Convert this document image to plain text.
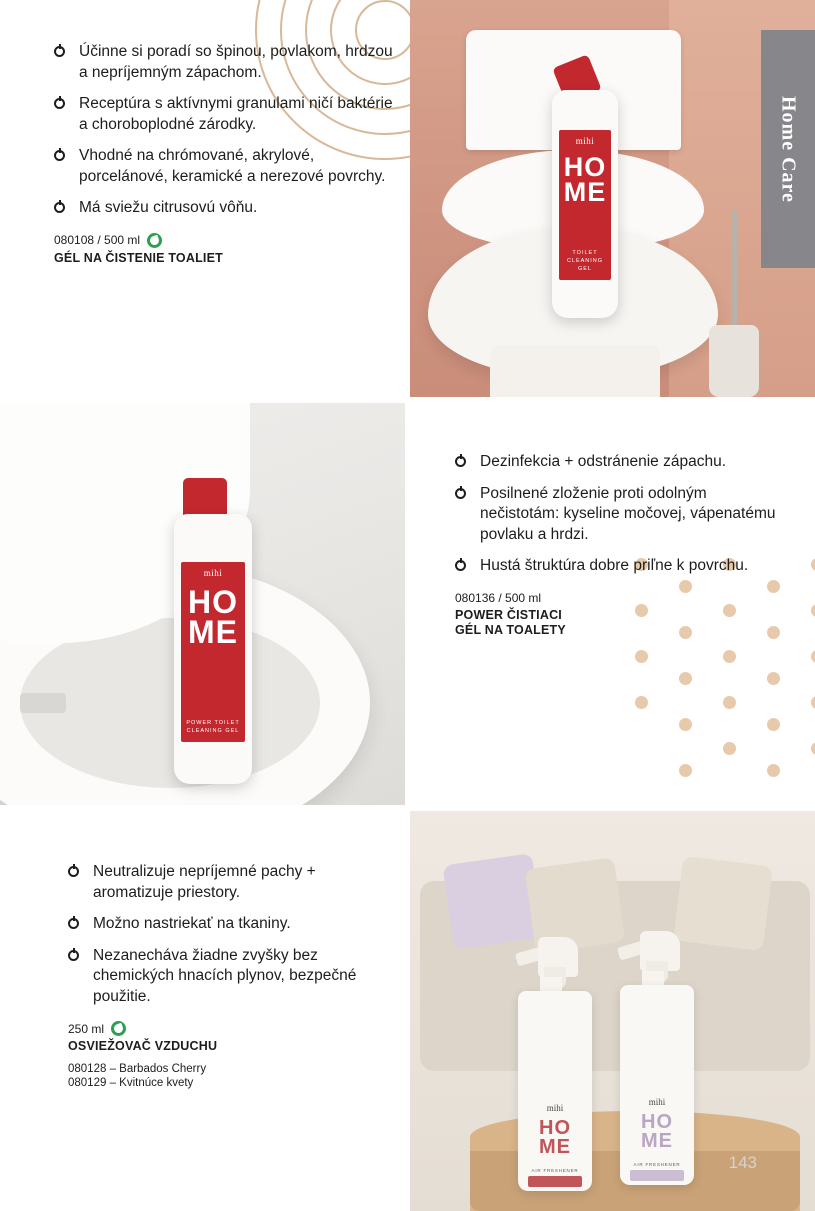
mihi
HO
ME
TOILET
CLEANING GEL
Home Care
mihi
HO
ME
POWER TOILET
CLEANING GEL
mihi
HO
ME
AIR FRESHENER
mihi
HO
ME
AIR FRESHENER	143
Účinne si poradí so špinou, povlakom, hrdzou a nepríjemným zápachom.
Receptúra s aktívnymi granulami ničí baktérie a choroboplodné zárodky.
Vhodné na chrómované, akrylové, porcelánové, keramické a nerezové povrchy.
Má sviežu citrusovú vôňu.
080108 / 500 ml
GÉL NA ČISTENIE TOALIET
Dezinfekcia + odstránenie zápachu.
Posilnené zloženie proti odolným nečistotám: kyseline močovej, vápenatému povlaku a hrdzi.
Hustá štruktúra dobre priľne k povrchu.
080136 / 500 ml
POWER ČISTIACI
GÉL NA TOALETY
Neutralizuje nepríjemné pachy + aromatizuje priestory.
Možno nastriekať na tkaniny.
Nezanecháva žiadne zvyšky bez chemických hnacích plynov, bezpečné použitie.
250 ml
OSVIEŽOVAČ VZDUCHU
080128 – Barbados Cherry
080129 – Kvitnúce kvety
